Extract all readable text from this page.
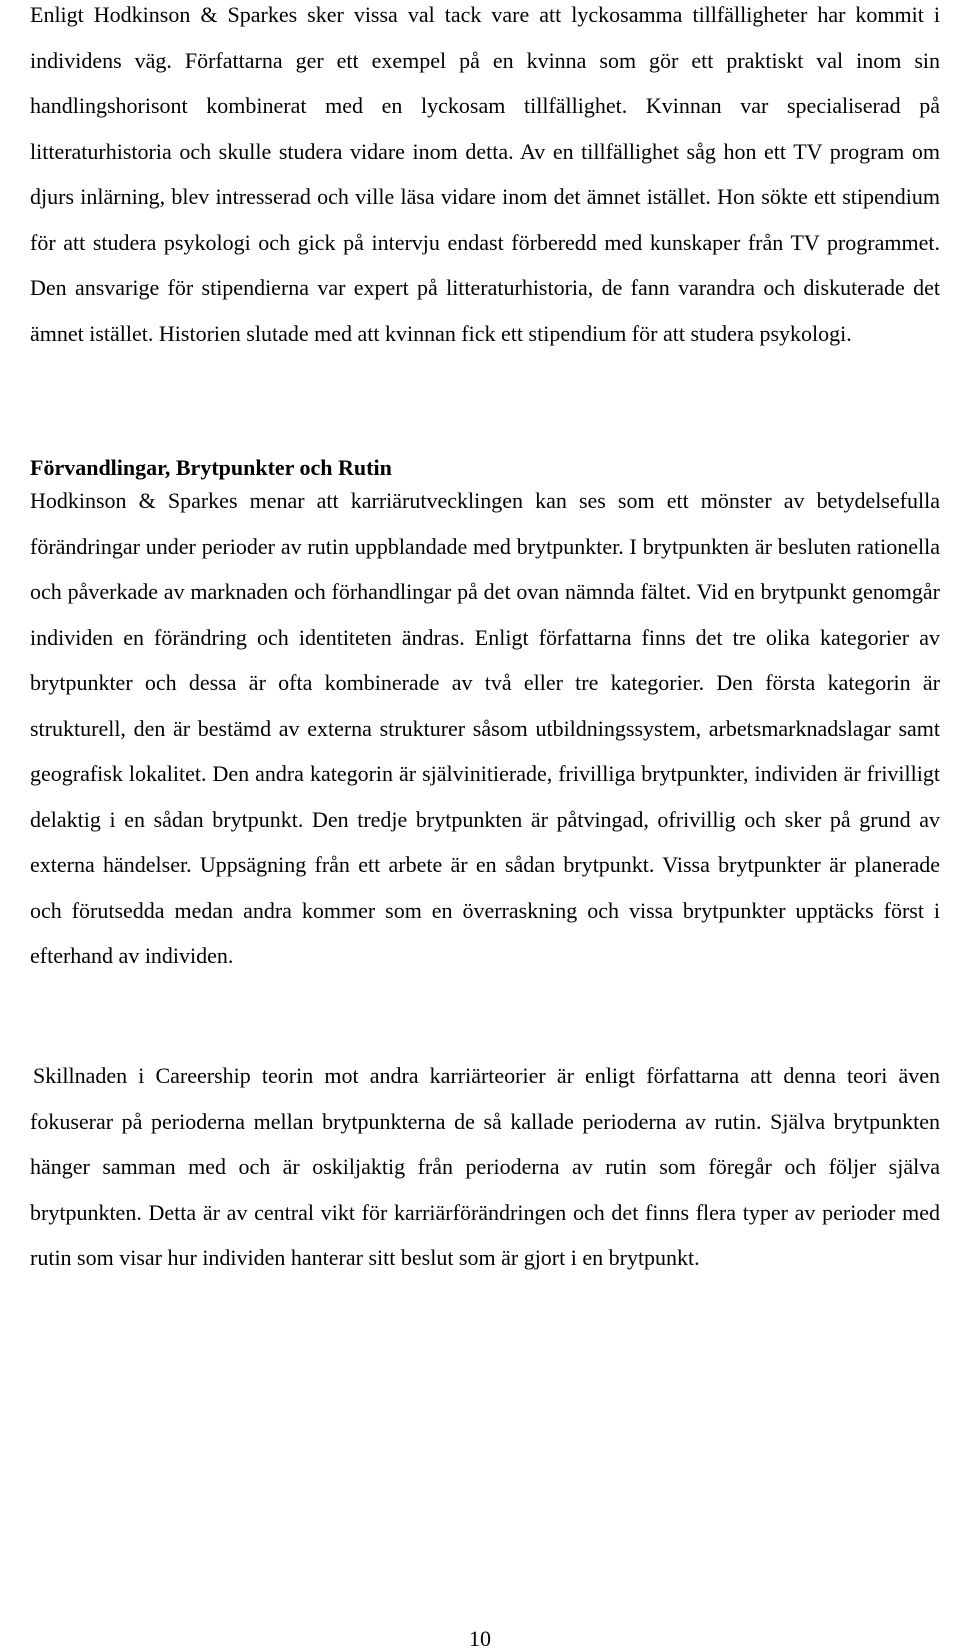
Enligt Hodkinson & Sparkes sker vissa val tack vare att lyckosamma tillfälligheter har kommit i individens väg. Författarna ger ett exempel på en kvinna som gör ett praktiskt val inom sin handlingshorisont kombinerat med en lyckosam tillfällighet. Kvinnan var specialiserad på litteraturhistoria och skulle studera vidare inom detta. Av en tillfällighet såg hon ett TV program om djurs inlärning, blev intresserad och ville läsa vidare inom det ämnet istället. Hon sökte ett stipendium för att studera psykologi och gick på intervju endast förberedd med kunskaper från TV programmet. Den ansvarige för stipendierna var expert på litteraturhistoria, de fann varandra och diskuterade det ämnet istället. Historien slutade med att kvinnan fick ett stipendium för att studera psykologi.

Förvandlingar, Brytpunkter och Rutin

Hodkinson & Sparkes menar att karriärutvecklingen kan ses som ett mönster av betydelsefulla förändringar under perioder av rutin uppblandade med brytpunkter. I brytpunkten är besluten rationella och påverkade av marknaden och förhandlingar på det ovan nämnda fältet. Vid en brytpunkt genomgår individen en förändring och identiteten ändras. Enligt författarna finns det tre olika kategorier av brytpunkter och dessa är ofta kombinerade av två eller tre kategorier. Den första kategorin är strukturell, den är bestämd av externa strukturer såsom utbildningssystem, arbetsmarknadslagar samt geografisk lokalitet. Den andra kategorin är självinitierade, frivilliga brytpunkter, individen är frivilligt delaktig i en sådan brytpunkt. Den tredje brytpunkten är påtvingad, ofrivillig och sker på grund av externa händelser. Uppsägning från ett arbete är en sådan brytpunkt. Vissa brytpunkter är planerade och förutsedda medan andra kommer som en överraskning och vissa brytpunkter upptäcks först i efterhand av individen.

Skillnaden i Careership teorin mot andra karriärteorier är enligt författarna att denna teori även fokuserar på perioderna mellan brytpunkterna de så kallade perioderna av rutin. Själva brytpunkten hänger samman med och är oskiljaktig från perioderna av rutin som föregår och följer själva brytpunkten. Detta är av central vikt för karriärförändringen och det finns flera typer av perioder med rutin som visar hur individen hanterar sitt beslut som är gjort i en brytpunkt.

10
